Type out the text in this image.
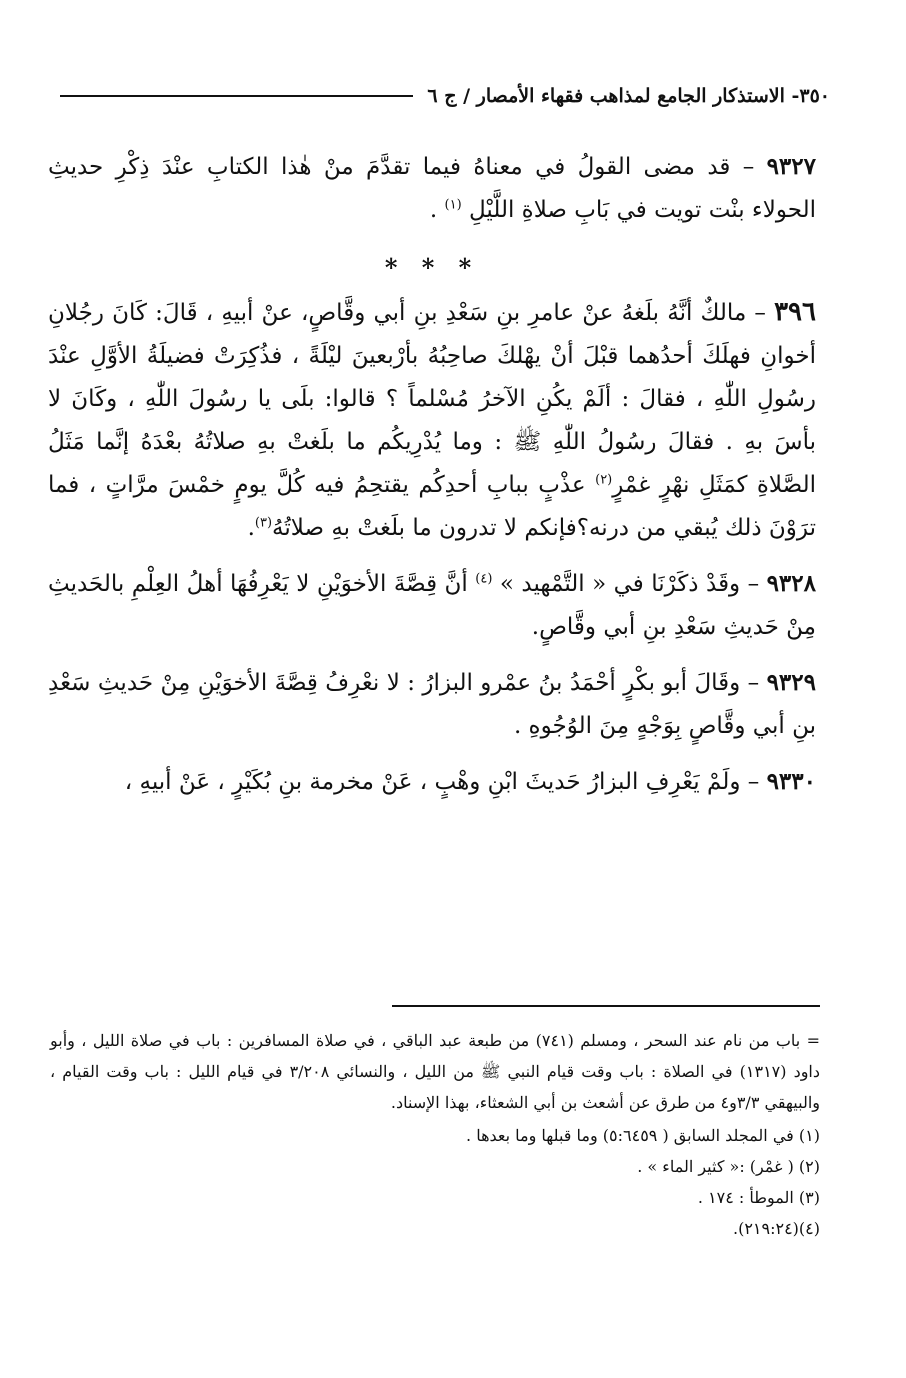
٣٥٠- الاستذكار الجامع لمذاهب فقهاء الأمصار / ج ٦

٩٣٢٧ – قد مضى القولُ في معناهُ فيما تقدَّمَ منْ هٰذا الكتابِ عنْدَ ذِكْرِ حديثِ الحولاء بنْت تويت في بَابِ صلاةِ اللَّيْلِ $^{(١)}$ .

* * *

٣٩٦ – مالكٌ أنَّهُ بلَغهُ عنْ عامرِ بنِ سَعْدِ بنِ أبي وقَّاصٍ، عنْ أبيهِ ، قَالَ: كَانَ رجُلانِ أخوانِ فهلَكَ أحدُهما قبْلَ أنْ يهْلكَ صاحِبُهُ بأرْبعينَ ليْلَةً ، فذُكِرَتْ فضيلَةُ الأوَّلِ عنْدَ رسُولِ اللّٰهِ ، فقالَ : ألَمْ يكُنِ الآخرُ مُسْلماً ؟ قالوا: بلَى يا رسُولَ اللّٰهِ ، وكَانَ لا بأسَ بهِ . فقالَ رسُولُ اللّٰهِ ﷺ : وما يُدْرِيكُم ما بلَغتْ بهِ صلاتُهُ بعْدَهُ إنَّما مَثَلُ الصَّلاةِ كمَثَلِ نهْرٍ غمْرٍ$^{(٢)}$ عذْبٍ ببابِ أحدِكُم يقتحِمُ فيه كُلَّ يومٍ خمْسَ مرَّاتٍ ، فما ترَوْنَ ذلك يُبقي من درنه؟فإنكم لا تدرون ما بلَغتْ بهِ صلاتُهُ$^{(٣)}$.

٩٣٢٨ – وقَدْ ذكَرْنَا في « التَّمْهيد » $^{(٤)}$ أنَّ قِصَّةَ الأخوَيْنِ لا يَعْرِفُهَا أهلُ العِلْمِ بالحَديثِ مِنْ حَديثِ سَعْدِ بنِ أبي وقَّاصٍ.

٩٣٢٩ – وقَالَ أبو بكْرٍ أحْمَدُ بنُ عمْرو البزارُ : لا نعْرِفُ قِصَّةَ الأخوَيْنِ مِنْ حَديثِ سَعْدِ بنِ أبي وقَّاصٍ بِوَجْهٍ مِنَ الوُجُوهِ .

٩٣٣٠ – ولَمْ يَعْرِفِ البزارُ حَديثَ ابْنِ وهْبٍ ، عَنْ مخرمة بنِ بُكَيْرٍ ، عَنْ أبيهِ ،

= باب من نام عند السحر ، ومسلم (٧٤١) من طبعة عبد الباقي ، في صلاة المسافرين : باب في صلاة الليل ، وأبو داود (١٣١٧) في الصلاة : باب وقت قيام النبي ﷺ من الليل ، والنسائي ٣/٢٠٨ في قيام الليل : باب وقت القيام ، والبيهقي ٣/٣و٤ من طرق عن أشعث بن أبي الشعثاء، بهذا الإسناد.

(١) في المجلد السابق ( ٥:٦٤٥٩) وما قبلها وما بعدها .

(٢) ( غمْر) :« كثير الماء » .

(٣) الموطأ : ١٧٤ .

(٤)(٢١٩:٢٤).
